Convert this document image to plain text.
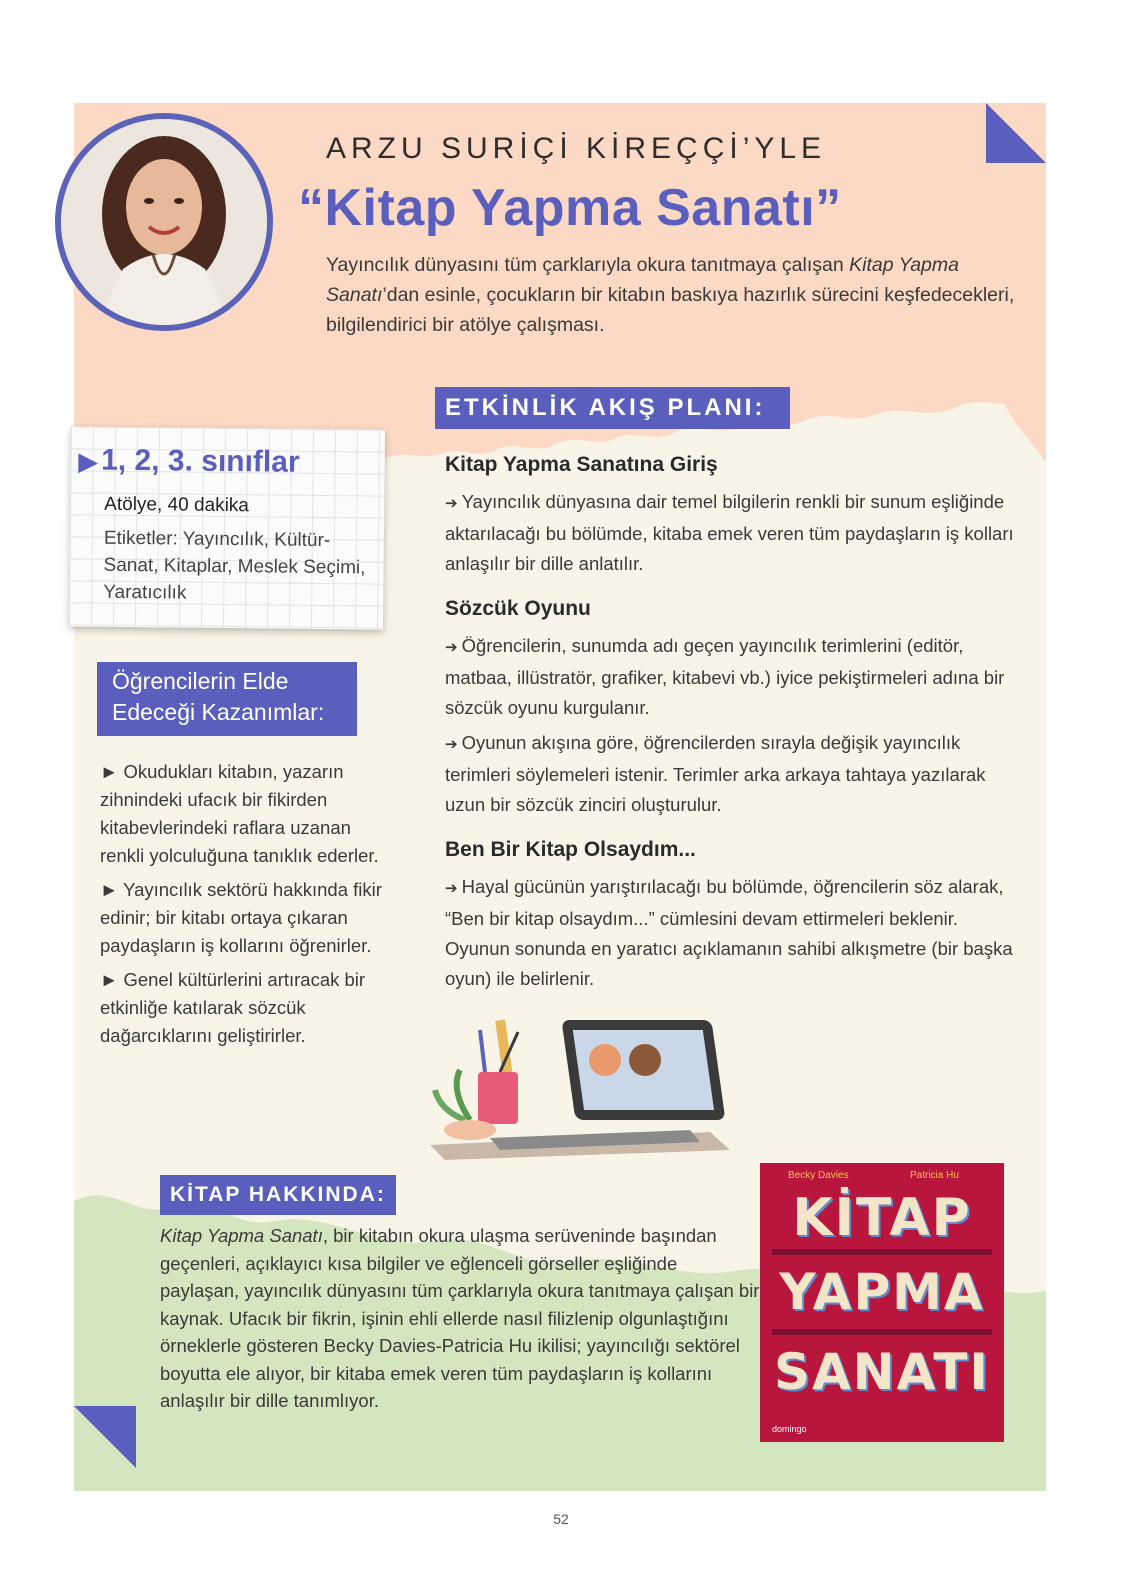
ARZU SURİÇİ KİREÇÇİ’YLE
“Kitap Yapma Sanatı”
Yayıncılık dünyasını tüm çarklarıyla okura tanıtmaya çalışan Kitap Yapma Sanatı’dan esinle, çocukların bir kitabın baskıya hazırlık sürecini keşfedecekleri, bilgilendirici bir atölye çalışması.
▶ 1, 2, 3. sınıflar
Atölye, 40 dakika
Etiketler: Yayıncılık, Kültür-Sanat, Kitaplar, Meslek Seçimi, Yaratıcılık
Öğrencilerin Elde
Edeceği Kazanımlar:
► Okudukları kitabın, yazarın zihnindeki ufacık bir fikirden kitabevlerindeki raflara uzanan renkli yolculuğuna tanıklık ederler.
► Yayıncılık sektörü hakkında fikir edinir; bir kitabı ortaya çıkaran paydaşların iş kollarını öğrenirler.
► Genel kültürlerini artıracak bir etkinliğe katılarak sözcük dağarcıklarını geliştirirler.
ETKİNLİK AKIŞ PLANI:
Kitap Yapma Sanatına Giriş
➔ Yayıncılık dünyasına dair temel bilgilerin renkli bir sunum eşliğinde aktarılacağı bu bölümde, kitaba emek veren tüm paydaşların iş kolları anlaşılır bir dille anlatılır.
Sözcük Oyunu
➔ Öğrencilerin, sunumda adı geçen yayıncılık terimlerini (editör, matbaa, illüstratör, grafiker, kitabevi vb.) iyice pekiştirmeleri adına bir sözcük oyunu kurgulanır.
➔ Oyunun akışına göre, öğrencilerden sırayla değişik yayıncılık terimleri söylemeleri istenir. Terimler arka arkaya tahtaya yazılarak uzun bir sözcük zinciri oluşturulur.
Ben Bir Kitap Olsaydım...
➔ Hayal gücünün yarıştırılacağı bu bölümde, öğrencilerin söz alarak, “Ben bir kitap olsaydım...” cümlesini devam ettirmeleri beklenir. Oyunun sonunda en yaratıcı açıklamanın sahibi alkışmetre (bir başka oyun) ile belirlenir.
KİTAP HAKKINDA:
Kitap Yapma Sanatı, bir kitabın okura ulaşma serüveninde başından geçenleri, açıklayıcı kısa bilgiler ve eğlenceli görseller eşliğinde paylaşan, yayıncılık dünyasını tüm çarklarıyla okura tanıtmaya çalışan bir kaynak. Ufacık bir fikrin, işinin ehli ellerde nasıl filizlenip olgunlaştığını örneklerle gösteren Becky Davies-Patricia Hu ikilisi; yayıncılığı sektörel boyutta ele alıyor, bir kitaba emek veren tüm paydaşların iş kollarını anlaşılır bir dille tanımlıyor.
Becky Davies	Patricia Hu
KİTAP
YAPMA
SANATI
domingo
52
